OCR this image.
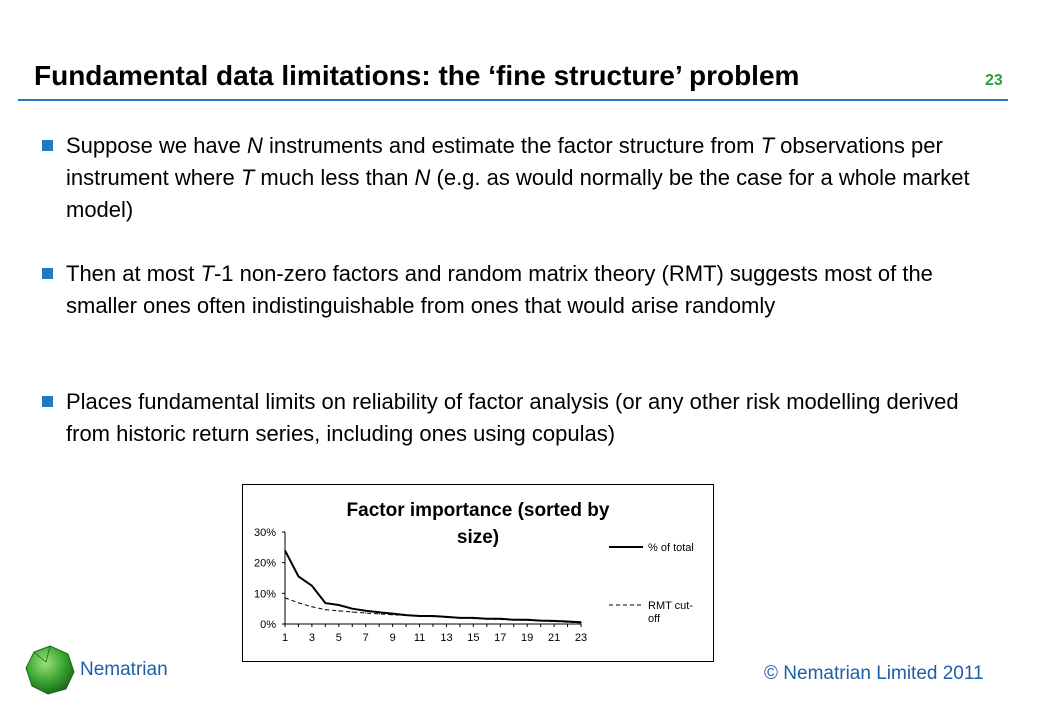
Fundamental data limitations: the ‘fine structure’ problem	23
Suppose we have N instruments and estimate the factor structure from T observations per instrument where T much less than N (e.g. as would normally be the case for a whole market model)
Then at most T-1 non-zero factors and random matrix theory (RMT) suggests most of the smaller ones often indistinguishable from ones that would arise randomly
Places fundamental limits on reliability of factor analysis (or any other risk modelling derived from historic return series, including ones using copulas)
Factor importance (sorted by
size)
0%
10%
20%
30%
1 3 5 7 9 11 13 15 17 19 21 23
% of total
RMT cut-off
Nematrian	© Nematrian Limited 2011
